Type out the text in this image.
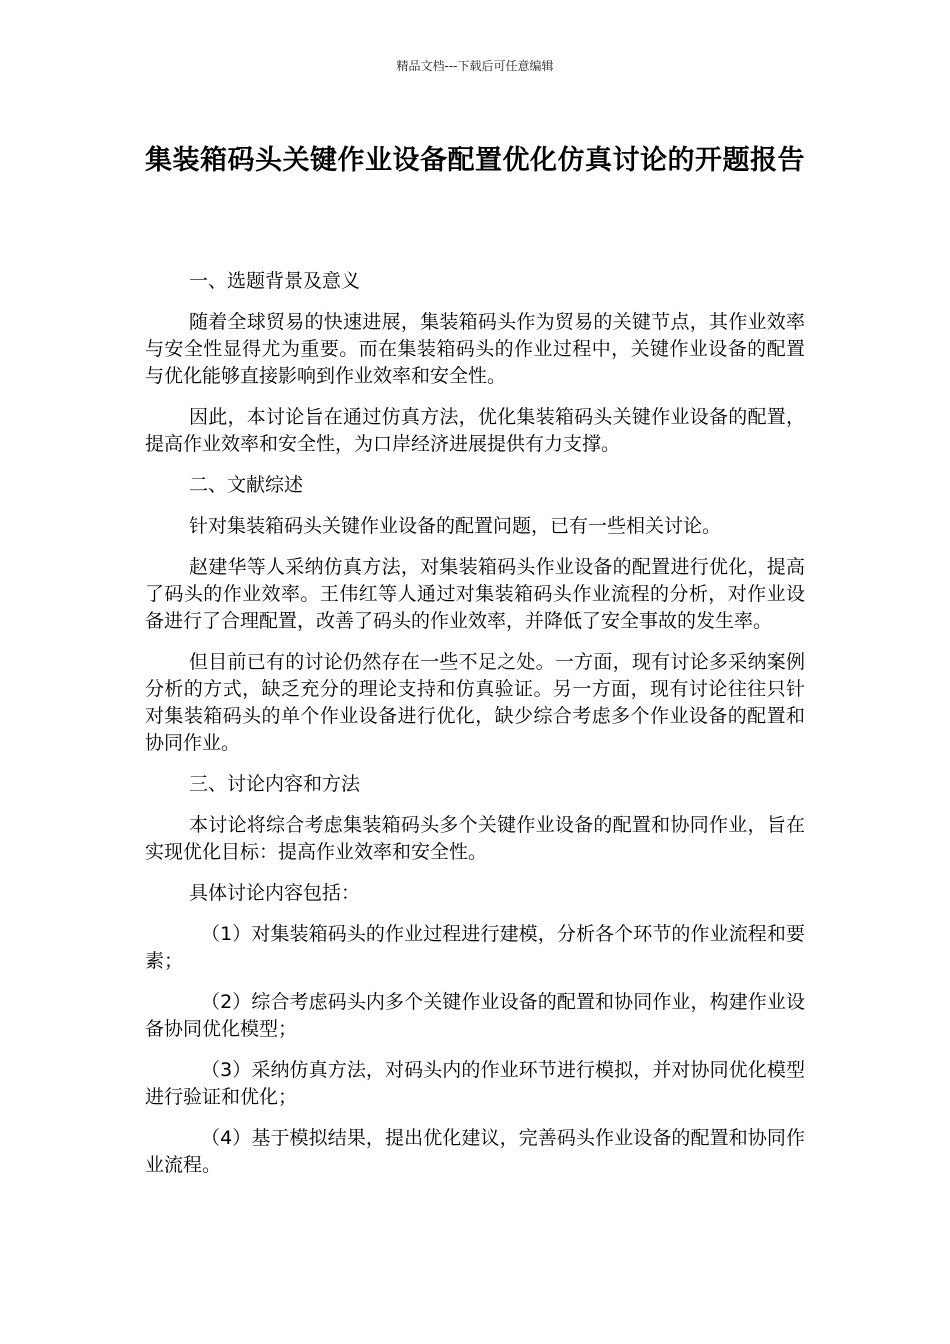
精品文档---下载后可任意编辑
集装箱码头关键作业设备配置优化仿真讨论的开题报告

一、选题背景及意义

随着全球贸易的快速进展，集装箱码头作为贸易的关键节点，其作业效率与安全性显得尤为重要。而在集装箱码头的作业过程中，关键作业设备的配置与优化能够直接影响到作业效率和安全性。

因此，本讨论旨在通过仿真方法，优化集装箱码头关键作业设备的配置，提高作业效率和安全性，为口岸经济进展提供有力支撑。

二、文献综述

针对集装箱码头关键作业设备的配置问题，已有一些相关讨论。

赵建华等人采纳仿真方法，对集装箱码头作业设备的配置进行优化，提高了码头的作业效率。王伟红等人通过对集装箱码头作业流程的分析，对作业设备进行了合理配置，改善了码头的作业效率，并降低了安全事故的发生率。

但目前已有的讨论仍然存在一些不足之处。一方面，现有讨论多采纳案例分析的方式，缺乏充分的理论支持和仿真验证。另一方面，现有讨论往往只针对集装箱码头的单个作业设备进行优化，缺少综合考虑多个作业设备的配置和协同作业。

三、讨论内容和方法

本讨论将综合考虑集装箱码头多个关键作业设备的配置和协同作业，旨在实现优化目标：提高作业效率和安全性。

具体讨论内容包括：

（1）对集装箱码头的作业过程进行建模，分析各个环节的作业流程和要素；

（2）综合考虑码头内多个关键作业设备的配置和协同作业，构建作业设备协同优化模型；

（3）采纳仿真方法，对码头内的作业环节进行模拟，并对协同优化模型进行验证和优化；

（4）基于模拟结果，提出优化建议，完善码头作业设备的配置和协同作业流程。
